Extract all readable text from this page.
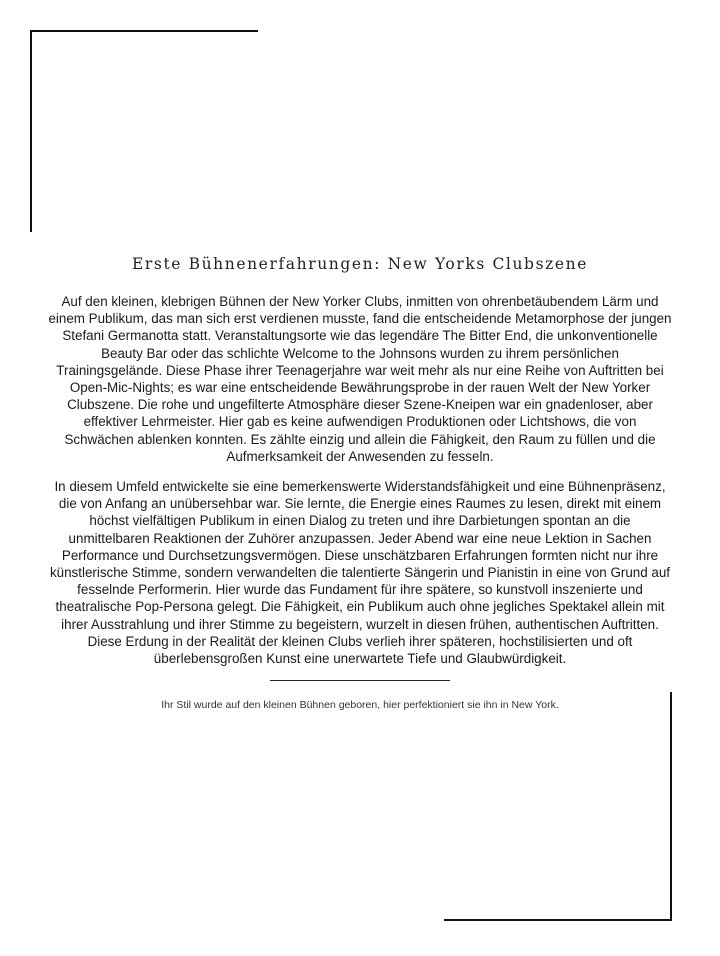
Erste Bühnenerfahrungen: New Yorks Clubszene

Auf den kleinen, klebrigen Bühnen der New Yorker Clubs, inmitten von ohrenbetäubendem Lärm und einem Publikum, das man sich erst verdienen musste, fand die entscheidende Metamorphose der jungen Stefani Germanotta statt. Veranstaltungsorte wie das legendäre The Bitter End, die unkonventionelle Beauty Bar oder das schlichte Welcome to the Johnsons wurden zu ihrem persönlichen Trainingsgelände. Diese Phase ihrer Teenagerjahre war weit mehr als nur eine Reihe von Auftritten bei Open-Mic-Nights; es war eine entscheidende Bewährungsprobe in der rauen Welt der New Yorker Clubszene. Die rohe und ungefilterte Atmosphäre dieser Szene-Kneipen war ein gnadenloser, aber effektiver Lehrmeister. Hier gab es keine aufwendigen Produktionen oder Lichtshows, die von Schwächen ablenken konnten. Es zählte einzig und allein die Fähigkeit, den Raum zu füllen und die Aufmerksamkeit der Anwesenden zu fesseln.

In diesem Umfeld entwickelte sie eine bemerkenswerte Widerstandsfähigkeit und eine Bühnenpräsenz, die von Anfang an unübersehbar war. Sie lernte, die Energie eines Raumes zu lesen, direkt mit einem höchst vielfältigen Publikum in einen Dialog zu treten und ihre Darbietungen spontan an die unmittelbaren Reaktionen der Zuhörer anzupassen. Jeder Abend war eine neue Lektion in Sachen Performance und Durchsetzungsvermögen. Diese unschätzbaren Erfahrungen formten nicht nur ihre künstlerische Stimme, sondern verwandelten die talentierte Sängerin und Pianistin in eine von Grund auf fesselnde Performerin. Hier wurde das Fundament für ihre spätere, so kunstvoll inszenierte und theatralische Pop-Persona gelegt. Die Fähigkeit, ein Publikum auch ohne jegliches Spektakel allein mit ihrer Ausstrahlung und ihrer Stimme zu begeistern, wurzelt in diesen frühen, authentischen Auftritten. Diese Erdung in der Realität der kleinen Clubs verlieh ihrer späteren, hochstilisierten und oft überlebensgroßen Kunst eine unerwartete Tiefe und Glaubwürdigkeit.

Ihr Stil wurde auf den kleinen Bühnen geboren, hier perfektioniert sie ihn in New York.
